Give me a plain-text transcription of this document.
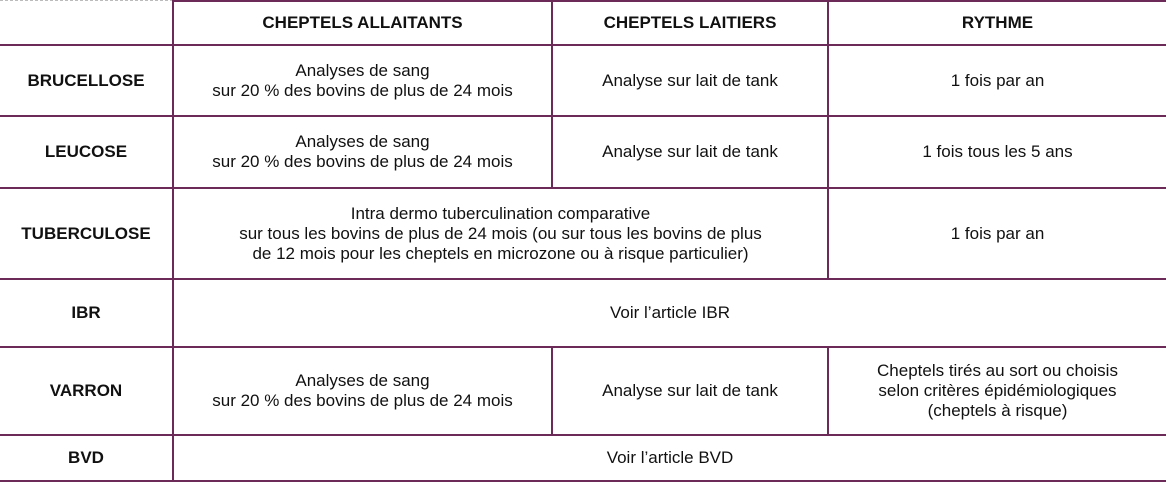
	CHEPTELS ALLAITANTS	CHEPTELS LAITIERS	RYTHME
BRUCELLOSE	Analyses de sang
sur 20 % des bovins de plus de 24 mois	Analyse sur lait de tank	1 fois par an
LEUCOSE	Analyses de sang
sur 20 % des bovins de plus de 24 mois	Analyse sur lait de tank	1 fois tous les 5 ans
TUBERCULOSE	Intra dermo tuberculination comparative
sur tous les bovins de plus de 24 mois (ou sur tous les bovins de plus
de 12 mois pour les cheptels en microzone ou à risque particulier)		1 fois par an
IBR	Voir l’article IBR		
VARRON	Analyses de sang
sur 20 % des bovins de plus de 24 mois	Analyse sur lait de tank	Cheptels tirés au sort ou choisis
selon critères épidémiologiques
(cheptels à risque)

BVD	Voir l’article BVD		
